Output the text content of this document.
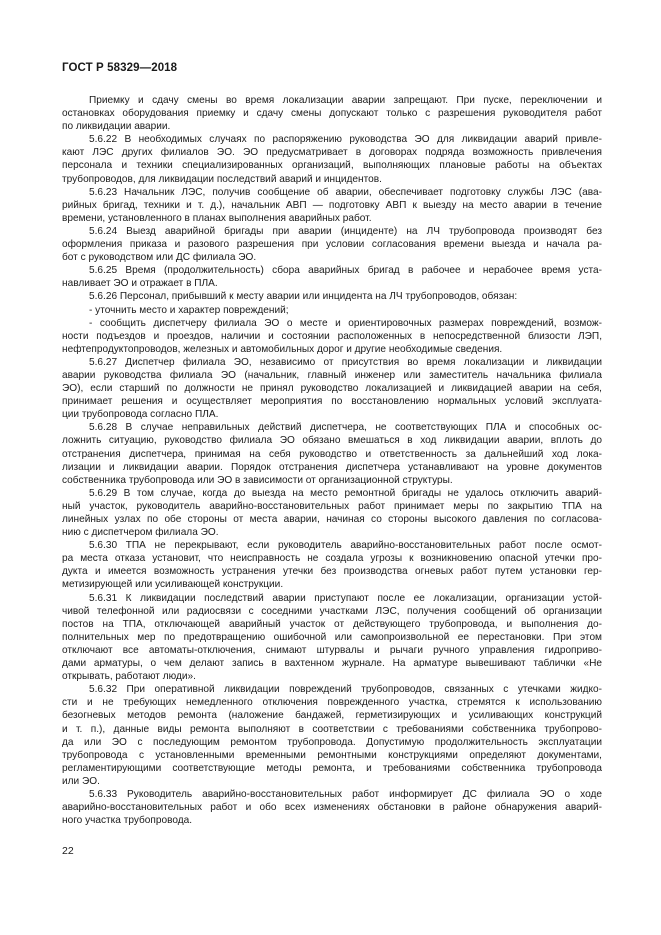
ГОСТ Р 58329—2018
Приемку и сдачу смены во время локализации аварии запрещают. При пуске, переключении и
остановках оборудования приемку и сдачу смены допускают только с разрешения руководителя работ
по ликвидации аварии.
5.6.22 В необходимых случаях по распоряжению руководства ЭО для ликвидации аварий привле-
кают ЛЭС других филиалов ЭО. ЭО предусматривает в договорах подряда возможность привлечения
персонала и техники специализированных организаций, выполняющих плановые работы на объектах
трубопроводов, для ликвидации последствий аварий и инцидентов.
5.6.23 Начальник ЛЭС, получив сообщение об аварии, обеспечивает подготовку службы ЛЭС (ава-
рийных бригад, техники и т. д.), начальник АВП — подготовку АВП к выезду на место аварии в течение
времени, установленного в планах выполнения аварийных работ.
5.6.24 Выезд аварийной бригады при аварии (инциденте) на ЛЧ трубопровода производят без
оформления приказа и разового разрешения при условии согласования времени выезда и начала ра-
бот с руководством или ДС филиала ЭО.
5.6.25 Время (продолжительность) сбора аварийных бригад в рабочее и нерабочее время уста-
навливает ЭО и отражает в ПЛА.
5.6.26 Персонал, прибывший к месту аварии или инцидента на ЛЧ трубопроводов, обязан:
- уточнить место и характер повреждений;
- сообщить диспетчеру филиала ЭО о месте и ориентировочных размерах повреждений, возмож-
ности подъездов и проездов, наличии и состоянии расположенных в непосредственной близости ЛЭП,
нефтепродуктопроводов, железных и автомобильных дорог и другие необходимые сведения.
5.6.27 Диспетчер филиала ЭО, независимо от присутствия во время локализации и ликвидации
аварии руководства филиала ЭО (начальник, главный инженер или заместитель начальника филиала
ЭО), если старший по должности не принял руководство локализацией и ликвидацией аварии на себя,
принимает решения и осуществляет мероприятия по восстановлению нормальных условий эксплуата-
ции трубопровода согласно ПЛА.
5.6.28 В случае неправильных действий диспетчера, не соответствующих ПЛА и способных ос-
ложнить ситуацию, руководство филиала ЭО обязано вмешаться в ход ликвидации аварии, вплоть до
отстранения диспетчера, принимая на себя руководство и ответственность за дальнейший ход лока-
лизации и ликвидации аварии. Порядок отстранения диспетчера устанавливают на уровне документов
собственника трубопровода или ЭО в зависимости от организационной структуры.
5.6.29 В том случае, когда до выезда на место ремонтной бригады не удалось отключить аварий-
ный участок, руководитель аварийно-восстановительных работ принимает меры по закрытию ТПА на
линейных узлах по обе стороны от места аварии, начиная со стороны высокого давления по согласова-
нию с диспетчером филиала ЭО.
5.6.30 ТПА не перекрывают, если руководитель аварийно-восстановительных работ после осмот-
ра места отказа установит, что неисправность не создала угрозы к возникновению опасной утечки про-
дукта и имеется возможность устранения утечки без производства огневых работ путем установки гер-
метизирующей или усиливающей конструкции.
5.6.31 К ликвидации последствий аварии приступают после ее локализации, организации устой-
чивой телефонной или радиосвязи с соседними участками ЛЭС, получения сообщений об организации
постов на ТПА, отключающей аварийный участок от действующего трубопровода, и выполнения до-
полнительных мер по предотвращению ошибочной или самопроизвольной ее перестановки. При этом
отключают все автоматы-отключения, снимают штурвалы и рычаги ручного управления гидроприво-
дами арматуры, о чем делают запись в вахтенном журнале. На арматуре вывешивают таблички «Не
открывать, работают люди».
5.6.32 При оперативной ликвидации повреждений трубопроводов, связанных с утечками жидко-
сти и не требующих немедленного отключения поврежденного участка, стремятся к использованию
безогневых методов ремонта (наложение бандажей, герметизирующих и усиливающих конструкций
и т. п.), данные виды ремонта выполняют в соответствии с требованиями собственника трубопрово-
да или ЭО с последующим ремонтом трубопровода. Допустимую продолжительность эксплуатации
трубопровода с установленными временными ремонтными конструкциями определяют документами,
регламентирующими соответствующие методы ремонта, и требованиями собственника трубопровода
или ЭО.
5.6.33 Руководитель аварийно-восстановительных работ информирует ДС филиала ЭО о ходе
аварийно-восстановительных работ и обо всех изменениях обстановки в районе обнаружения аварий-
ного участка трубопровода.
22
